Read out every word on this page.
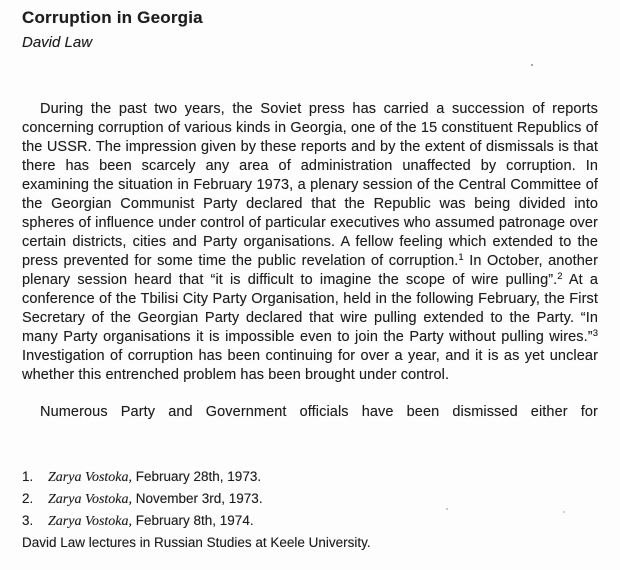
Corruption in Georgia
David Law

During the past two years, the Soviet press has carried a succession of reports concerning corruption of various kinds in Georgia, one of the 15 constituent Republics of the USSR. The impression given by these reports and by the extent of dismissals is that there has been scarcely any area of administration unaffected by corruption. In examining the situation in February 1973, a plenary session of the Central Committee of the Georgian Communist Party declared that the Republic was being divided into spheres of influence under control of particular executives who assumed patronage over certain districts, cities and Party organisations. A fellow feeling which extended to the press prevented for some time the public revelation of corruption.$^1$ In October, another plenary session heard that “it is difficult to imagine the scope of wire pulling”.$^2$ At a conference of the Tbilisi City Party Organisation, held in the following February, the First Secretary of the Georgian Party declared that wire pulling extended to the Party. “In many Party organisations it is impossible even to join the Party without pulling wires.”$^3$ Investigation of corruption has been continuing for over a year, and it is as yet unclear whether this entrenched problem has been brought under control.

Numerous Party and Government officials have been dismissed either for

1. Zarya Vostoka, February 28th, 1973.
2. Zarya Vostoka, November 3rd, 1973.
3. Zarya Vostoka, February 8th, 1974.
David Law lectures in Russian Studies at Keele University.
